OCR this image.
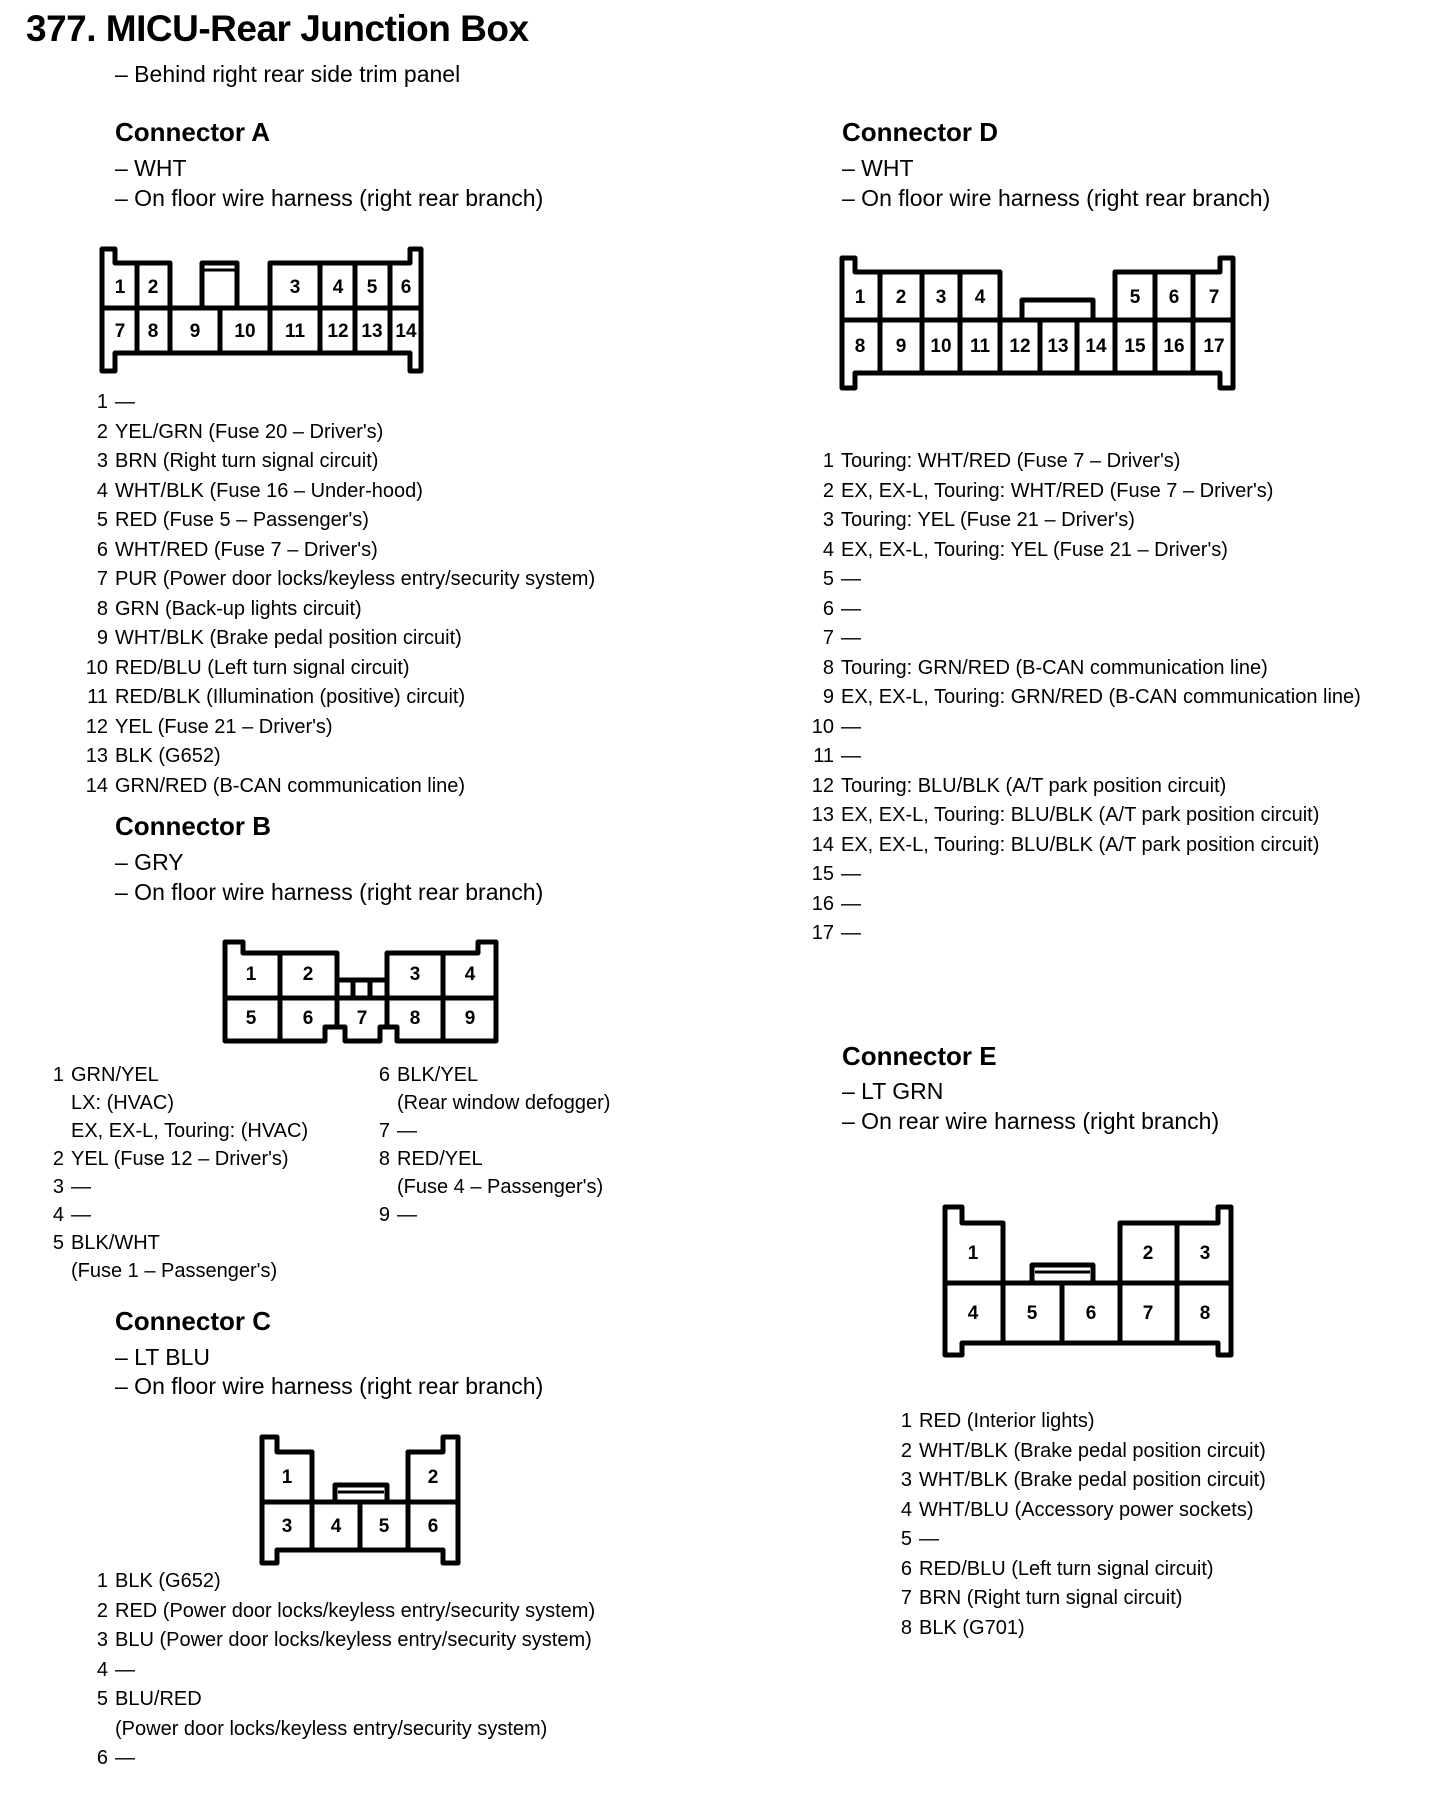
377. MICU-Rear Junction Box
– Behind right rear side trim panel
Connector A
– WHT
– On floor wire harness (right rear branch)
1 2	3 4 5 6
7 8 9 10 11 12 13 14
1 —
2 YEL/GRN (Fuse 20 – Driver's)
3 BRN (Right turn signal circuit)
4 WHT/BLK (Fuse 16 – Under-hood)
5 RED (Fuse 5 – Passenger's)
6 WHT/RED (Fuse 7 – Driver's)
7 PUR (Power door locks/keyless entry/security system)
8 GRN (Back-up lights circuit)
9 WHT/BLK (Brake pedal position circuit)
10 RED/BLU (Left turn signal circuit)
11 RED/BLK (Illumination (positive) circuit)
12 YEL (Fuse 21 – Driver's)
13 BLK (G652)
14 GRN/RED (B-CAN communication line)
Connector B
– GRY
– On floor wire harness (right rear branch)
1 2	3 4
5 6 7 8 9
1 GRN/YEL
LX: (HVAC)
EX, EX-L, Touring: (HVAC)
2 YEL (Fuse 12 – Driver's)
3 —
4 —
5 BLK/WHT
(Fuse 1 – Passenger's)
6 BLK/YEL
(Rear window defogger)
7 —
8 RED/YEL
(Fuse 4 – Passenger's)
9 —
Connector C
– LT BLU
– On floor wire harness (right rear branch)
1	2
3 4 5 6
1 BLK (G652)
2 RED (Power door locks/keyless entry/security system)
3 BLU (Power door locks/keyless entry/security system)
4 —
5 BLU/RED
(Power door locks/keyless entry/security system)
6 —
Connector D
– WHT
– On floor wire harness (right rear branch)
1 2 3 4	5 6 7
8 9 10 11 12 13 14 15 16 17
1 Touring: WHT/RED (Fuse 7 – Driver's)
2 EX, EX-L, Touring: WHT/RED (Fuse 7 – Driver's)
3 Touring: YEL (Fuse 21 – Driver's)
4 EX, EX-L, Touring: YEL (Fuse 21 – Driver's)
5 —
6 —
7 —
8 Touring: GRN/RED (B-CAN communication line)
9 EX, EX-L, Touring: GRN/RED (B-CAN communication line)
10 —
11 —
12 Touring: BLU/BLK (A/T park position circuit)
13 EX, EX-L, Touring: BLU/BLK (A/T park position circuit)
14 EX, EX-L, Touring: BLU/BLK (A/T park position circuit)
15 —
16 —
17 —
Connector E
– LT GRN
– On rear wire harness (right branch)
1	2 3
4	5	6 7 8
1 RED (Interior lights)
2 WHT/BLK (Brake pedal position circuit)
3 WHT/BLK (Brake pedal position circuit)
4 WHT/BLU (Accessory power sockets)
5 —
6 RED/BLU (Left turn signal circuit)
7 BRN (Right turn signal circuit)
8 BLK (G701)
